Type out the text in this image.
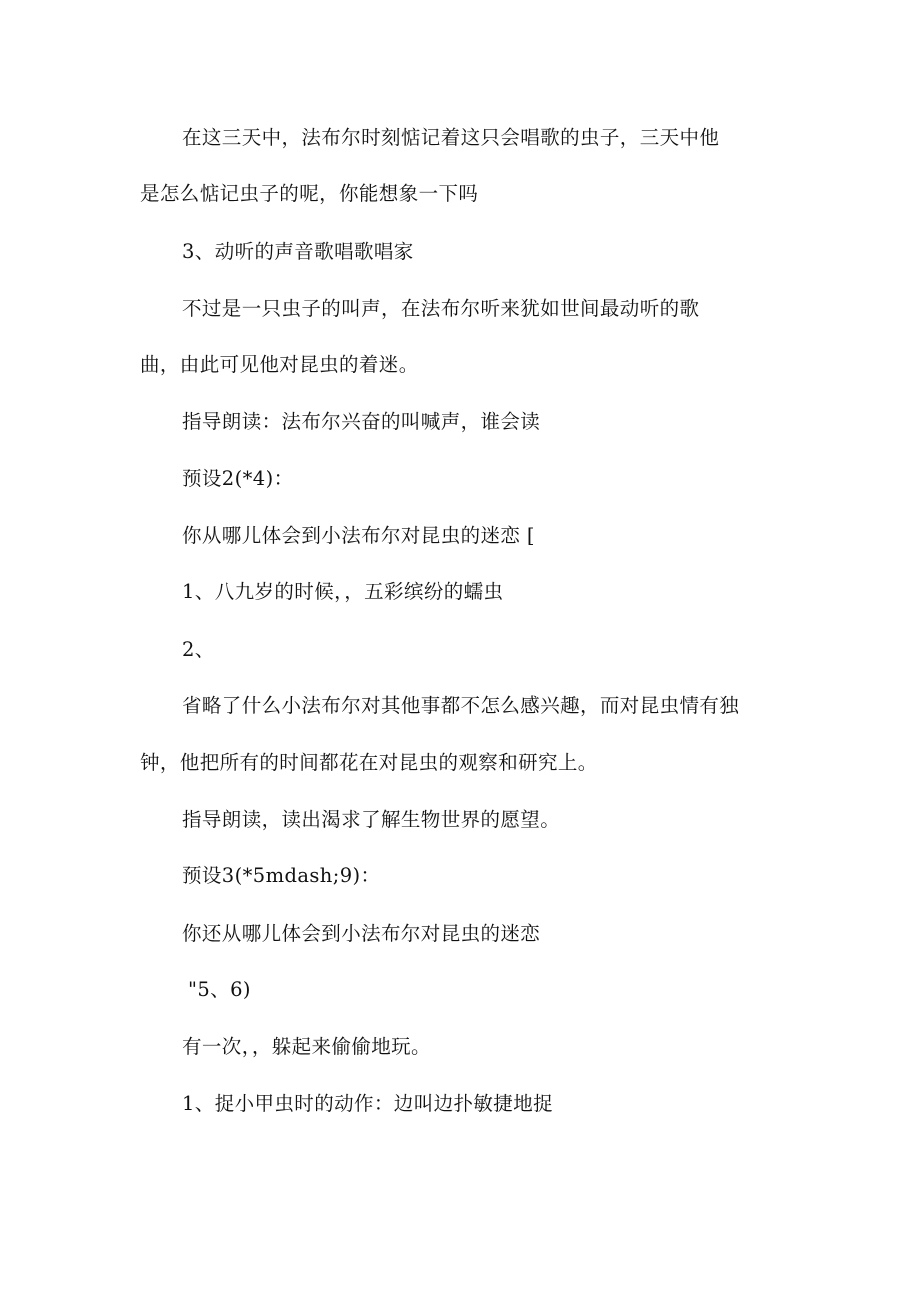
在这三天中，法布尔时刻惦记着这只会唱歌的虫子，三天中他
是怎么惦记虫子的呢，你能想象一下吗
3、动听的声音歌唱歌唱家
不过是一只虫子的叫声，在法布尔听来犹如世间最动听的歌
曲，由此可见他对昆虫的着迷。
指导朗读：法布尔兴奋的叫喊声，谁会读
预设2(*4)：
你从哪儿体会到小法布尔对昆虫的迷恋 [
1、八九岁的时候，，五彩缤纷的蠕虫
2、
省略了什么小法布尔对其他事都不怎么感兴趣，而对昆虫情有独
钟，他把所有的时间都花在对昆虫的观察和研究上。
指导朗读，读出渴求了解生物世界的愿望。
预设3(*5mdash;9)：
你还从哪儿体会到小法布尔对昆虫的迷恋
"5、6)
有一次，，躲起来偷偷地玩。
1、捉小甲虫时的动作：边叫边扑敏捷地捉
